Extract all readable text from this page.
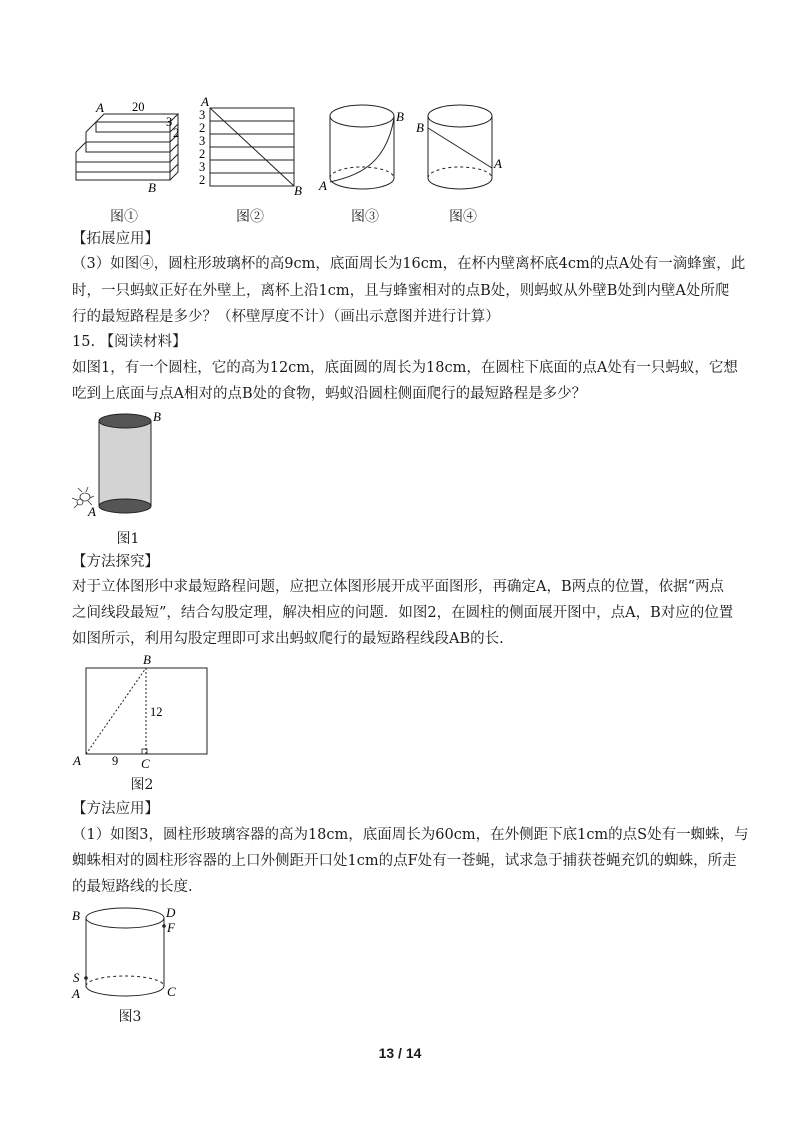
A 20
3
2
B
图①
A
3
2
3
2
3
2
B
图②
A
B
图③
B
A
图④
【拓展应用】
（3）如图④，圆柱形玻璃杯的高9cm，底面周长为16cm，在杯内壁离杯底4cm的点A处有一滴蜂蜜，此
时，一只蚂蚁正好在外壁上，离杯上沿1cm，且与蜂蜜相对的点B处，则蚂蚁从外壁B处到内壁A处所爬
行的最短路程是多少？（杯壁厚度不计）（画出示意图并进行计算）
15. 【阅读材料】
如图1，有一个圆柱，它的高为12cm，底面圆的周长为18cm，在圆柱下底面的点A处有一只蚂蚁，它想
吃到上底面与点A相对的点B处的食物，蚂蚁沿圆柱侧面爬行的最短路程是多少？
B
A
图1
【方法探究】
对于立体图形中求最短路程问题，应把立体图形展开成平面图形，再确定A，B两点的位置，依据“两点
之间线段最短”，结合勾股定理，解决相应的问题．如图2，在圆柱的侧面展开图中，点A，B对应的位置
如图所示，利用勾股定理即可求出蚂蚁爬行的最短路程线段AB的长.
B
12
A 9 C
图2
【方法应用】
（1）如图3，圆柱形玻璃容器的高为18cm，底面周长为60cm，在外侧距下底1cm的点S处有一蜘蛛，与
蜘蛛相对的圆柱形容器的上口外侧距开口处1cm的点F处有一苍蝇，试求急于捕获苍蝇充饥的蜘蛛，所走
的最短路线的长度.
B	D
F
S
A	C
图3
13 / 14
